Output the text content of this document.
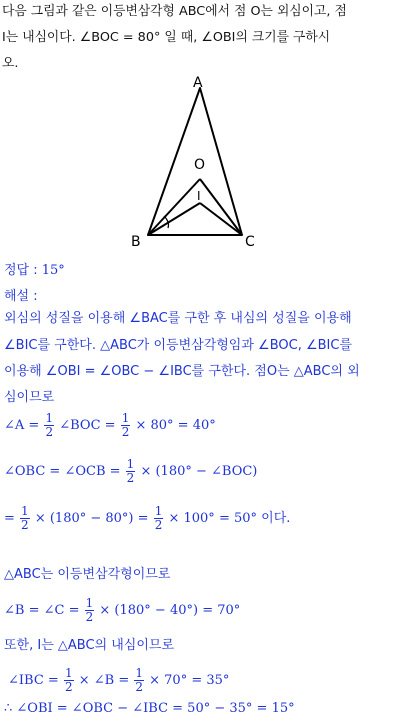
다음 그림과 같은 이등변삼각형 ABC에서 점 O는 외심이고, 점
I는 내심이다. ∠BOC = 80° 일 때, ∠OBI의 크기를 구하시
오.
A
O
I
B	C
정답 : 15°
해설 :
외심의 성질을 이용해 ∠BAC를 구한 후 내심의 성질을 이용해
∠BIC를 구한다. △ABC가 이등변삼각형임과 ∠BOC, ∠BIC를
이용해 ∠OBI = ∠OBC − ∠IBC를 구한다. 점O는 △ABC의 외
심이므로
∠A = $\frac{1}{2}$ ∠BOC = $\frac{1}{2} \times 80^\circ = 40^\circ$
∠OBC = ∠OCB = $\frac{1}{2} \times (180^\circ$ − ∠BOC)
= $\frac{1}{2} \times (180^\circ - 80^\circ) = \frac{1}{2} \times 100^\circ = 50^\circ$ 이다.
△ABC는 이등변삼각형이므로
∠B = ∠C = $\frac{1}{2} \times (180^\circ - 40^\circ) = 70^\circ$
또한, I는 △ABC의 내심이므로
∠IBC = $\frac{1}{2}$ × ∠B = $\frac{1}{2} \times 70^\circ = 35^\circ$
∴ ∠OBI = ∠OBC − ∠IBC = 50° − 35° = 15°
